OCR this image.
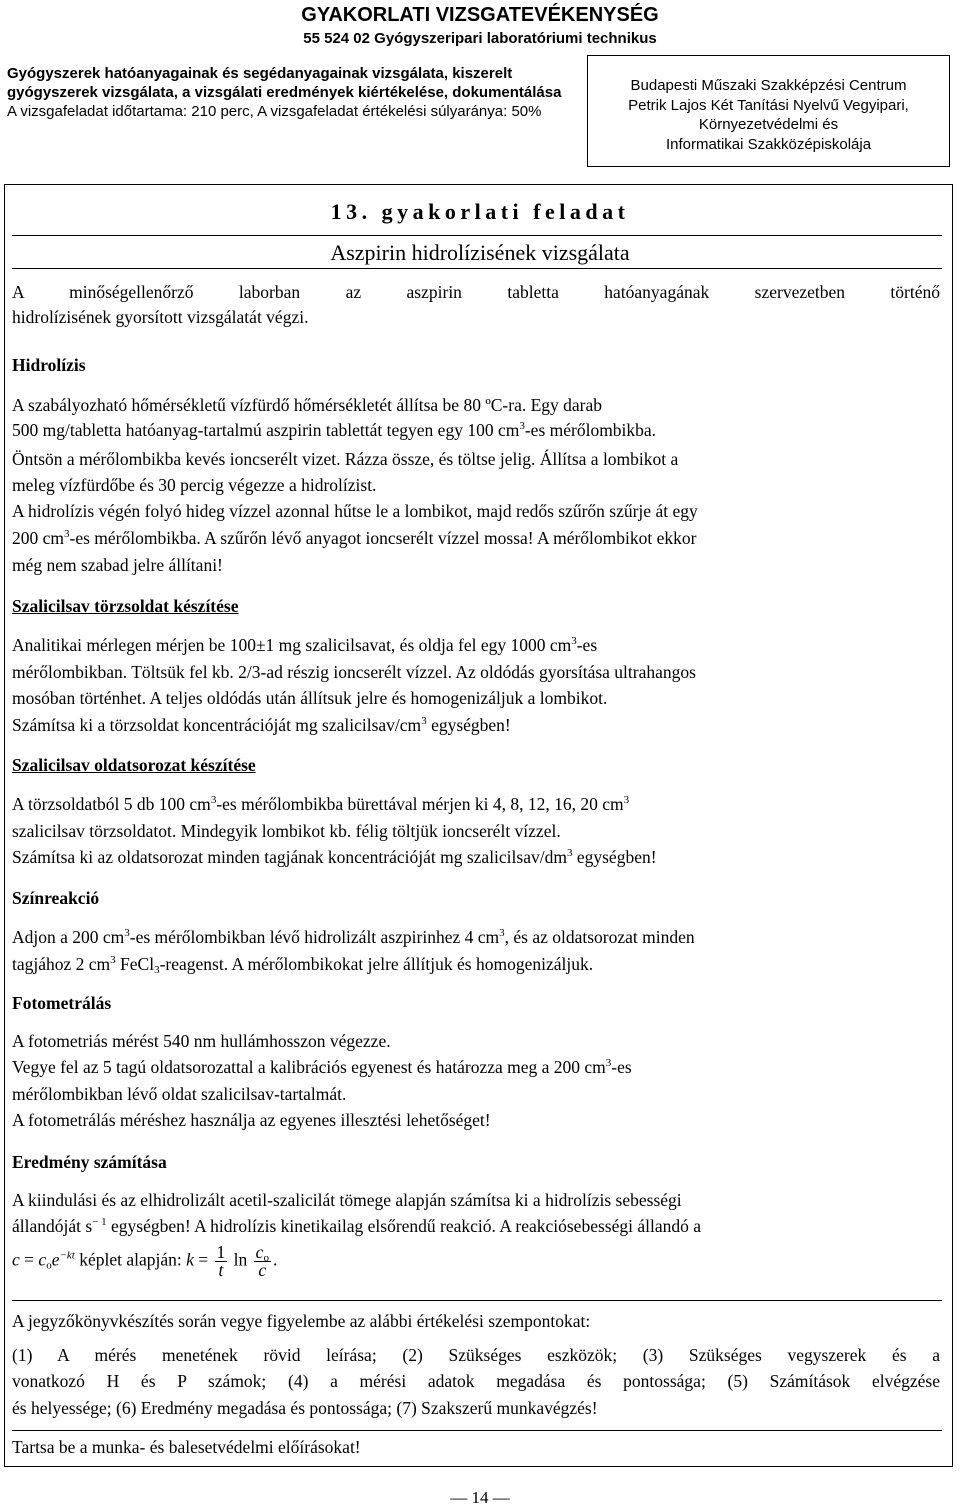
GYAKORLATI VIZSGATEVÉKENYSÉG
55 524 02 Gyógyszeripari laboratóriumi technikus
Gyógyszerek hatóanyagainak és segédanyagainak vizsgálata, kiszerelt gyógyszerek vizsgálata, a vizsgálati eredmények kiértékelése, dokumentálása
A vizsgafeladat időtartama: 210 perc, A vizsgafeladat értékelési súlyaránya: 50%
Budapesti Műszaki Szakképzési Centrum
Petrik Lajos Két Tanítási Nyelvű Vegyipari,
Környezetvédelmi és
Informatikai Szakközépiskolája
13. gyakorlati feladat
Aszpirin hidrolízisének vizsgálata
A minőségellenőrző laborban az aszpirin tabletta hatóanyagának szervezetben történő
hidrolízisének gyorsított vizsgálatát végzi.
Hidrolízis
A szabályozható hőmérsékletű vízfürdő hőmérsékletét állítsa be 80 ºC-ra. Egy darab
500 mg/tabletta hatóanyag-tartalmú aszpirin tablettát tegyen egy 100 $cm^3-es$ mérőlombikba.
Öntsön a mérőlombikba kevés ioncserélt vizet. Rázza össze, és töltse jelig. Állítsa a lombikot a
meleg vízfürdőbe és 30 percig végezze a hidrolízist.
A hidrolízis végén folyó hideg vízzel azonnal hűtse le a lombikot, majd redős szűrőn szűrje át egy
200 $cm^3-es$ mérőlombikba. A szűrőn lévő anyagot ioncserélt vízzel mossa! A mérőlombikot ekkor
még nem szabad jelre állítani!
Szalicilsav törzsoldat készítése
Analitikai mérlegen mérjen be 100±1 mg szalicilsavat, és oldja fel egy 1000 $cm^3-es$
mérőlombikban. Töltsük fel kb. 2/3-ad részig ioncserélt vízzel. Az oldódás gyorsítása ultrahangos
mosóban történhet. A teljes oldódás után állítsuk jelre és homogenizáljuk a lombikot.
Számítsa ki a törzsoldat koncentrációját mg szalicilsav/$cm^3$ egységben!
Szalicilsav oldatsorozat készítése
A törzsoldatból 5 db 100 $cm^3-es$ mérőlombikba bürettával mérjen ki 4, 8, 12, 16, 20 $cm^3$
szalicilsav törzsoldatot. Mindegyik lombikot kb. félig töltjük ioncserélt vízzel.
Számítsa ki az oldatsorozat minden tagjának koncentrációját mg szalicilsav/$dm^3$ egységben!
Színreakció
Adjon a 200 $cm^3-es$ mérőlombikban lévő hidrolizált aszpirinhez 4 $cm^3$, és az oldatsorozat minden
tagjához 2 $cm^3$ FeCl$_3$-reagenst. A mérőlombikokat jelre állítjuk és homogenizáljuk.
Fotometrálás
A fotometriás mérést 540 nm hullámhosszon végezze.
Vegye fel az 5 tagú oldatsorozattal a kalibrációs egyenest és határozza meg a 200 $cm^3-es$
mérőlombikban lévő oldat szalicilsav-tartalmát.
A fotometrálás méréshez használja az egyenes illesztési lehetőséget!
Eredmény számítása
A kiindulási és az elhidrolizált acetil-szalicilát tömege alapján számítsa ki a hidrolízis sebességi
állandóját $s^{- 1}$ egységben! A hidrolízis kinetikailag elsőrendű reakció. A reakciósebességi állandó a
$c = c_oe^{-kt}$ képlet alapján: $k = \frac{1}{t}$ $\ln \frac{c_o}{c}$ .
A jegyzőkönyvkészítés során vegye figyelembe az alábbi értékelési szempontokat:
(1) A mérés menetének rövid leírása; (2) Szükséges eszközök; (3) Szükséges vegyszerek és a
vonatkozó H és P számok; (4) a mérési adatok megadása és pontossága; (5) Számítások elvégzése
és helyessége; (6) Eredmény megadása és pontossága; (7) Szakszerű munkavégzés!
Tartsa be a munka- és balesetvédelmi előírásokat!
— 14 —
